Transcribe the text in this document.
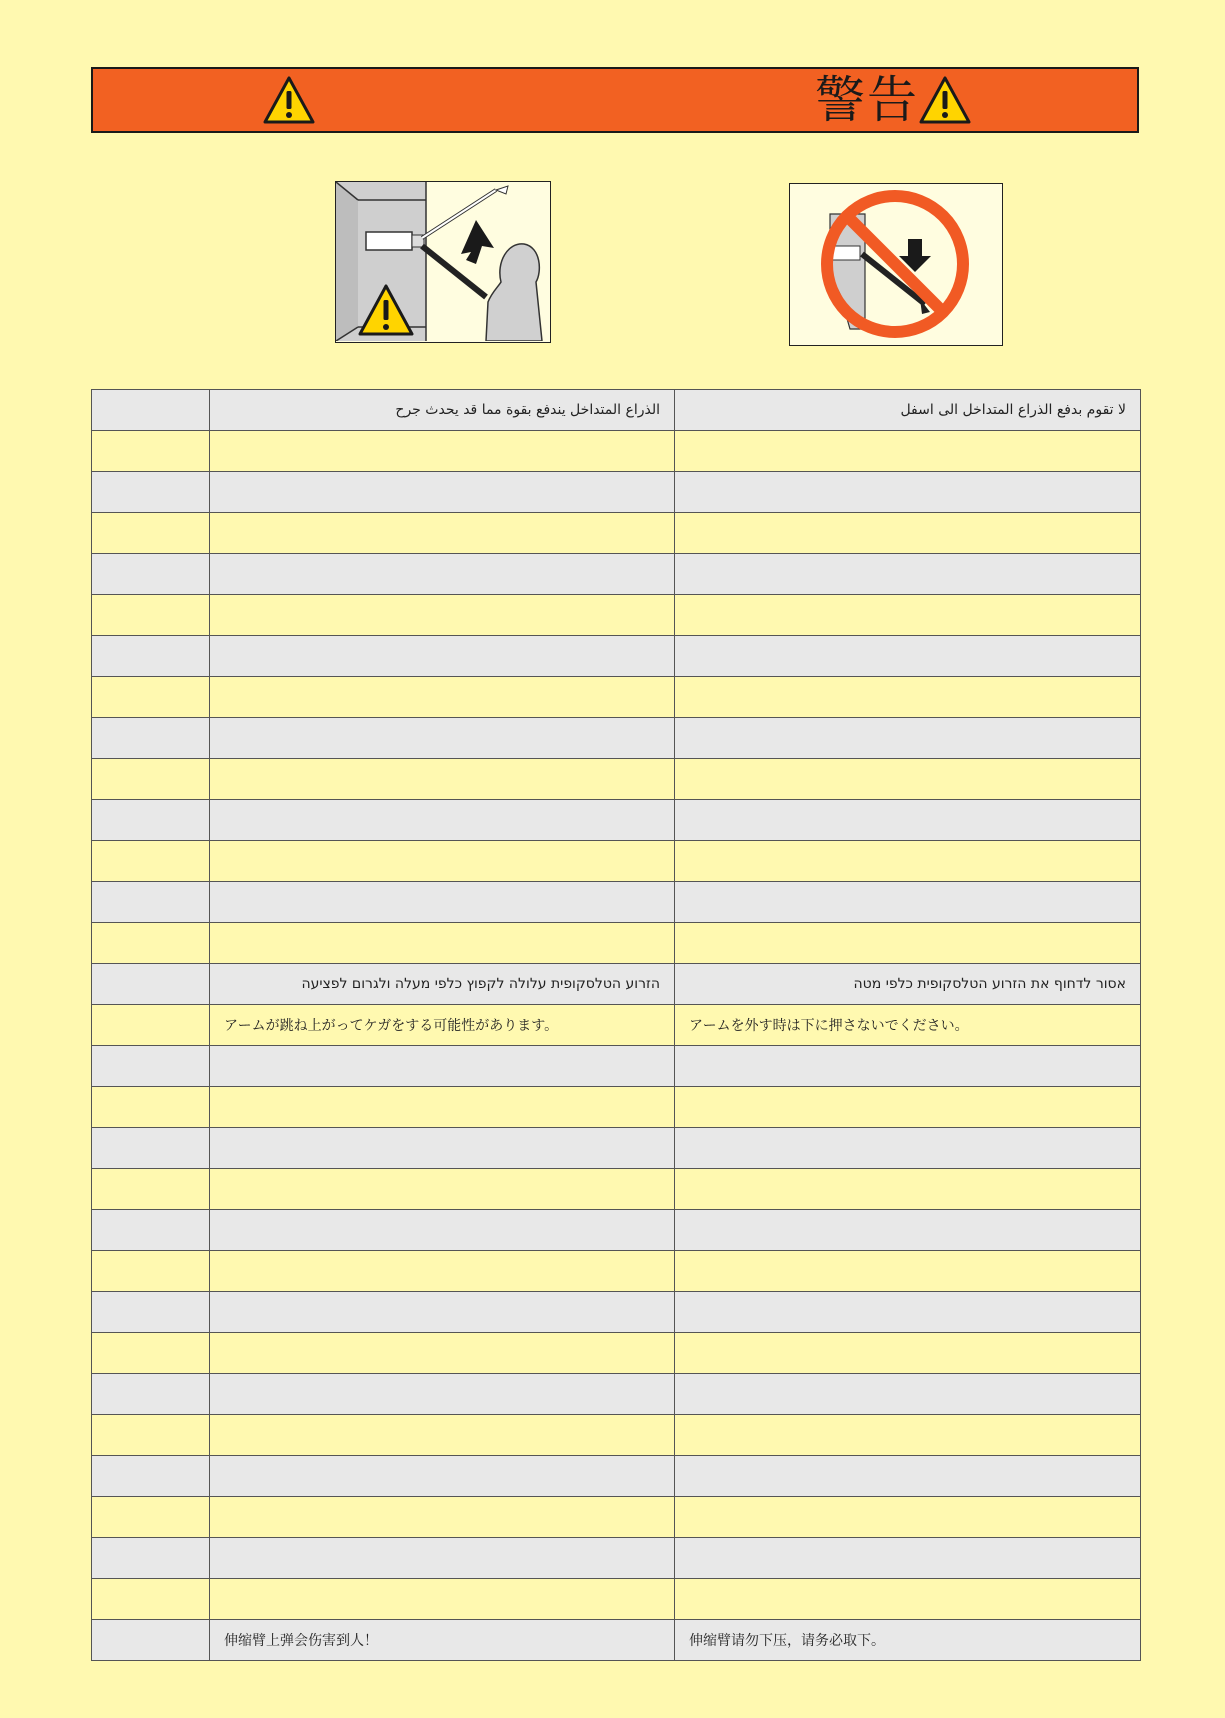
警告
	الذراع المتداخل يندفع بقوة مما قد يحدث جرح	لا تقوم بدفع الذراع المتداخل الى اسفل

	הזרוע הטלסקופית עלולה לקפוץ כלפי מעלה ולגרום לפציעה	אסור לדחוף את הזרוע הטלסקופית כלפי מטה
	アームが跳ね上がってケガをする可能性があります。	アームを外す時は下に押さないでください。

	伸缩臂上弹会伤害到人！	伸缩臂请勿下压，请务必取下。
